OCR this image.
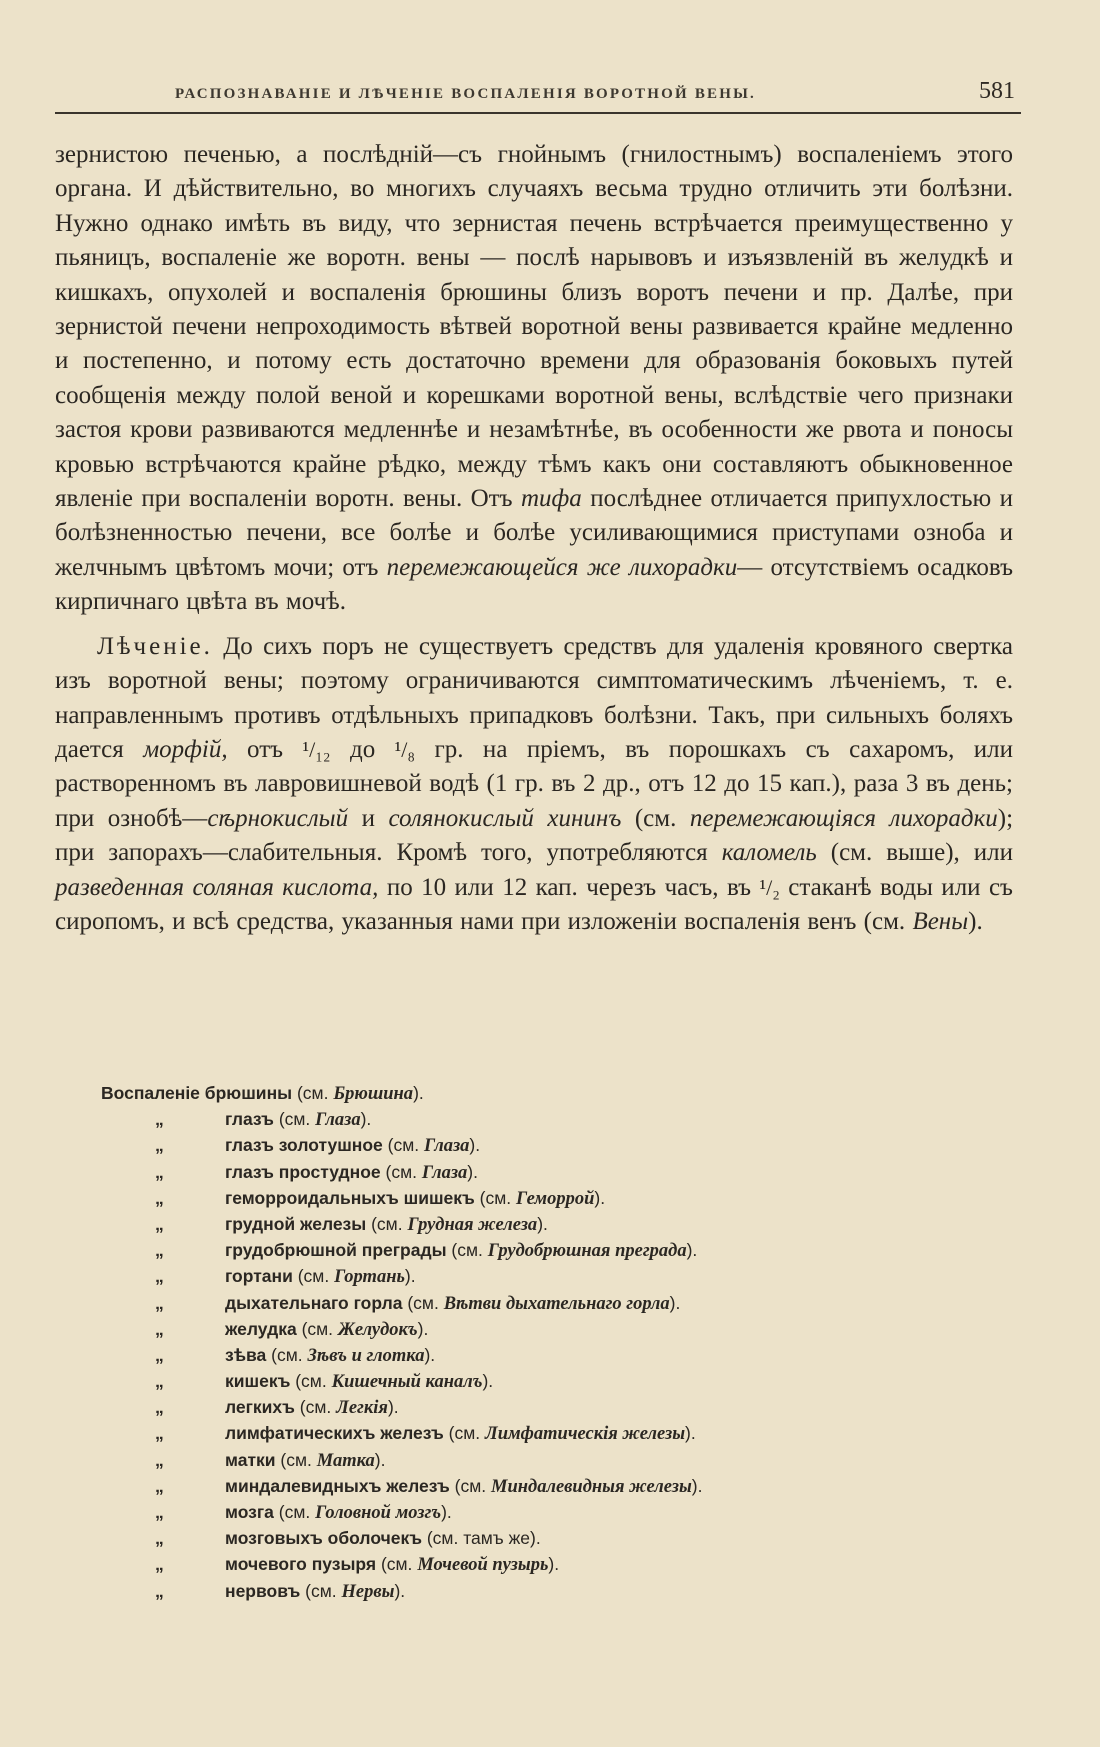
РАСПОЗНАВАНІЕ И ЛѢЧЕНІЕ ВОСПАЛЕНІЯ ВОРОТНОЙ ВЕНЫ.	581

зернистою печенью, а послѣдній—съ гнойнымъ (гнилостнымъ) воспаленіемъ этого органа. И дѣйствительно, во многихъ случаяхъ весьма трудно отличить эти болѣзни. Нужно однако имѣть въ виду, что зернистая печень встрѣчается преимущественно у пьяницъ, воспаленіе же воротн. вены — послѣ нарывовъ и изъязвленій въ желудкѣ и кишкахъ, опухолей и воспаленія брюшины близъ воротъ печени и пр. Далѣе, при зернистой печени непроходимость вѣтвей воротной вены развивается крайне медленно и постепенно, и потому есть достаточно времени для образованія боковыхъ путей сообщенія между полой веной и корешками воротной вены, вслѣдствіе чего признаки застоя крови развиваются медленнѣе и незамѣтнѣе, въ особенности же рвота и поносы кровью встрѣчаются крайне рѣдко, между тѣмъ какъ они составляютъ обыкновенное явленіе при воспаленіи воротн. вены. Отъ тифа послѣднее отличается припухлостью и болѣзненностью печени, все болѣе и болѣе усиливающимися приступами озноба и желчнымъ цвѣтомъ мочи; отъ перемежающейся же лихорадки— отсутствіемъ осадковъ кирпичнаго цвѣта въ мочѣ.

Лѣченіе. До сихъ поръ не существуетъ средствъ для удаленія кровяного свертка изъ воротной вены; поэтому ограничиваются симптоматическимъ лѣченіемъ, т. е. направленнымъ противъ отдѣльныхъ припадковъ болѣзни. Такъ, при сильныхъ боляхъ дается морфій, отъ ¹/₁₂ до ¹/₈ гр. на пріемъ, въ порошкахъ съ сахаромъ, или растворенномъ въ лавровишневой водѣ (1 гр. въ 2 др., отъ 12 до 15 кап.), раза 3 въ день; при ознобѣ—сѣрнокислый и солянокислый хининъ (см. перемежающіяся лихорадки); при запорахъ—слабительныя. Кромѣ того, употребляются каломель (см. выше), или разведенная соляная кислота, по 10 или 12 кап. черезъ часъ, въ ¹/₂ стаканѣ воды или съ сиропомъ, и всѣ средства, указанныя нами при изложеніи воспаленія венъ (см. Вены).

Воспаленіе брюшины (см. Брюшина).
„	глазъ (см. Глаза).
„	глазъ золотушное (см. Глаза).
„	глазъ простудное (см. Глаза).
„	геморроидальныхъ шишекъ (см. Геморрой).
„	грудной железы (см. Грудная железа).
„	грудобрюшной преграды (см. Грудобрюшная преграда).
„	гортани (см. Гортань).
„	дыхательнаго горла (см. Вѣтви дыхательнаго горла).
„	желудка (см. Желудокъ).
„	зѣва (см. Зѣвъ и глотка).
„	кишекъ (см. Кишечный каналъ).
„	легкихъ (см. Легкія).
„	лимфатическихъ железъ (см. Лимфатическія железы).
„	матки (см. Матка).
„	миндалевидныхъ железъ (см. Миндалевидныя железы).
„	мозга (см. Головной мозгъ).
„	мозговыхъ оболочекъ (см. тамъ же).
„	мочевого пузыря (см. Мочевой пузырь).
„	нервовъ (см. Нервы).
